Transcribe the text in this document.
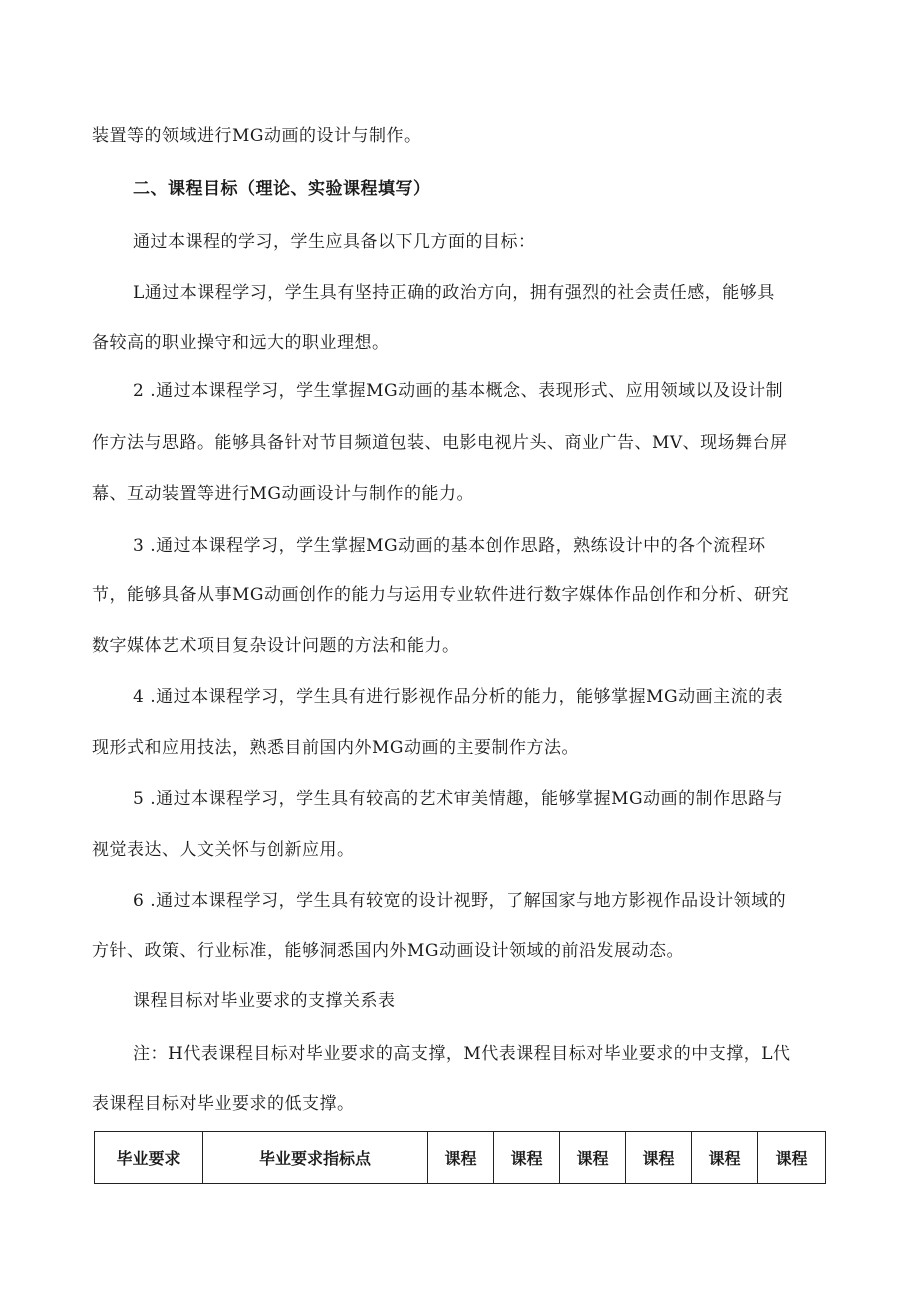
装置等的领域进行MG动画的设计与制作。
二、课程目标（理论、实验课程填写）
通过本课程的学习，学生应具备以下几方面的目标：
L通过本课程学习，学生具有坚持正确的政治方向，拥有强烈的社会责任感，能够具
备较高的职业操守和远大的职业理想。
2 .通过本课程学习，学生掌握MG动画的基本概念、表现形式、应用领域以及设计制
作方法与思路。能够具备针对节目频道包装、电影电视片头、商业广告、MV、现场舞台屏
幕、互动装置等进行MG动画设计与制作的能力。
3 .通过本课程学习，学生掌握MG动画的基本创作思路，熟练设计中的各个流程环
节，能够具备从事MG动画创作的能力与运用专业软件进行数字媒体作品创作和分析、研究
数字媒体艺术项目复杂设计问题的方法和能力。
4 .通过本课程学习，学生具有进行影视作品分析的能力，能够掌握MG动画主流的表
现形式和应用技法，熟悉目前国内外MG动画的主要制作方法。
5 .通过本课程学习，学生具有较高的艺术审美情趣，能够掌握MG动画的制作思路与
视觉表达、人文关怀与创新应用。
6 .通过本课程学习，学生具有较宽的设计视野，了解国家与地方影视作品设计领域的
方针、政策、行业标准，能够洞悉国内外MG动画设计领域的前沿发展动态。
课程目标对毕业要求的支撑关系表
注：H代表课程目标对毕业要求的高支撑，M代表课程目标对毕业要求的中支撑，L代
表课程目标对毕业要求的低支撑。
毕业要求	毕业要求指标点	课程	课程	课程	课程	课程	课程
